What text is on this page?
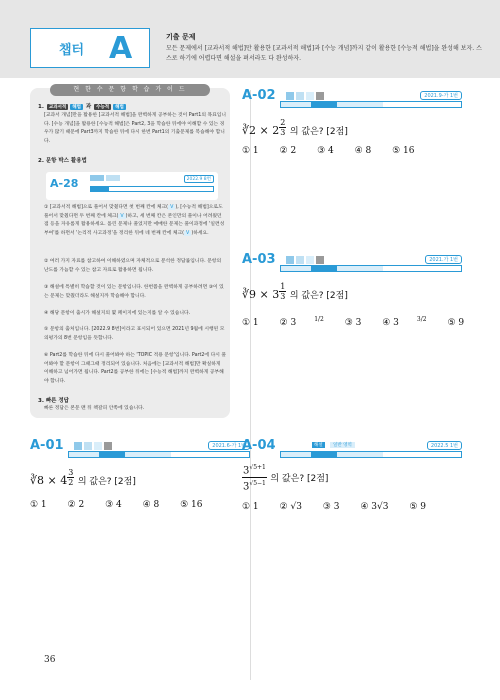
챕터 A	기출 문제
모든 문제에서 [교과서적 해법]만 활용한 [교과서적 해법]과 [수능 개념]까지 같이 활용한 [수능적 해법]을 완성해 보자. 스스로 하기에 어렵다면 해설을 펴서라도 다 완성하자.
현 한 수 문 항 학 습 가 이 드
1. 교과서적 해법 과 수능적 해법
[교과서 개념]만을 활용한 [교과서적 해법]을 완벽하게 공부하는 것이 Part1의 목표입니다. [수능 개념]을 활용한 [수능적 해법]은 Part2, 3을 학습한 뒤에야 이해할 수 있는 경우가 많기 때문에 Part3까지 학습한 뒤에 다시 한번 Part1의 기출문제를 복습해야 합니다.
2. 문항 박스 활용법
A-28	2022.9 8번
① [교과서적 해법]으로 풀어서 맞췄다면 첫 번째 칸에 체크( V ), [수능적 해법]으로도 풀어서 맞췄다면 두 번째 칸에 체크( V )하고, 세 번째 칸은 본인만의 풀이나 어려웠던 점 등을 자유롭게 활용하세요. 틀린 문제나 풀었지만 애매한 문제는 풀이과정에 '일련성 부여'를 하면서 '논리적 사고과정'을 정리한 뒤에 네 번째 칸에 체크( V )하세요.
② 여러 가지 자료를 참고하여 이해하였으며 자체적으로 분석한 정답률입니다. 문항의 난도를 가늠할 수 있는 참고 자료로 활용하면 됩니다.
③ 해설에 특별히 학습할 것이 있는 문항입니다. 한번쯤을 완벽하게 공부하려면 ③이 있는 문제는 맞췄더라도 해설지까 학습해야 합니다.
④ 해당 문항이 출시가 해설지의 몇 페이지에 있는지를 알 수 있습니다.
⑤ 문항의 출처입니다. [2022.9 8번]이라고 표시되어 있으면 2021년 9월에 시행된 모의평가의 8번 문항임을 뜻합니다.
⑥ Part2를 학습한 뒤에 다시 풀어봐야 하는 'TOPIC 적용 문항'입니다. Part2에 다시 풀어봐야 할 문항이 그때그때 정리되어 있습니다. 처음에는 [교과서적 해법]만 확실하게 이해하고 넘어가면 됩니다. Part2를 공부한 뒤에는 [수능적 해법]까지 완벽하게 공부해야 합니다.
3. 빠른 정답
빠른 정답은 본문 맨 뒤 책갈피 안쪽에 있습니다.
A-02	2021.9-가 1번
∛2 × 2 $^{\frac{2}{3}}$ 의 값은? [2점]
① 1 ② 2 ③ 4 ④ 8 ⑤ 16
A-03	2021.가 1번
∛9 × 3 $^{\frac{1}{3}}$ 의 값은? [2점]
① 1 ② 3	$^{1/2}$ ③ 3 ④ 3	$^{3/2}$ ⑤ 9
A-01	2021.6-가 1번
∛8 × 4 $^{\frac{3}{2}}$ 의 값은? [2점]
① 1 ② 2 ③ 4 ④ 8 ⑤ 16
A-04	해설	일반 영역	2022.5 1번
$\frac{3^{√5+1}}{3^{√5-1}}$ 의 값은? [2점]
① 1 ② √3 ③ 3 ④ 3√3 ⑤ 9
36
